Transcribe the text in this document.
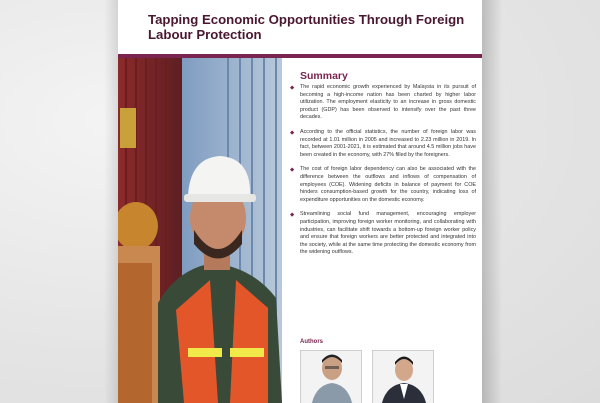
Tapping Economic Opportunities Through Foreign Labour Protection
Summary
◆ The rapid economic growth experienced by Malaysia in its pursuit of becoming a high-income nation has been charted by higher labor utilization. The employment elasticity to an increase in gross domestic product (GDP) has been observed to intensify over the past three decades.
◆ According to the official statistics, the number of foreign labor was recorded at 1.01 million in 2005 and increased to 2.23 million in 2019. In fact, between 2001-2021, it is estimated that around 4.5 million jobs have been created in the economy, with 27% filled by the foreigners.
◆ The cost of foreign labor dependency can also be associated with the difference between the outflows and inflows of compensation of employees (COE). Widening deficits in balance of payment for COE hinders consumption-based growth for the country, indicating loss of expenditure opportunities on the domestic economy.
◆ Streamlining social fund management, encouraging employer participation, improving foreign worker monitoring, and collaborating with industries, can facilitate shift towards a bottom-up foreign worker policy and ensure that foreign workers are better protected and integrated into the society, while at the same time protecting the domestic economy from the widening outflows.
Authors
